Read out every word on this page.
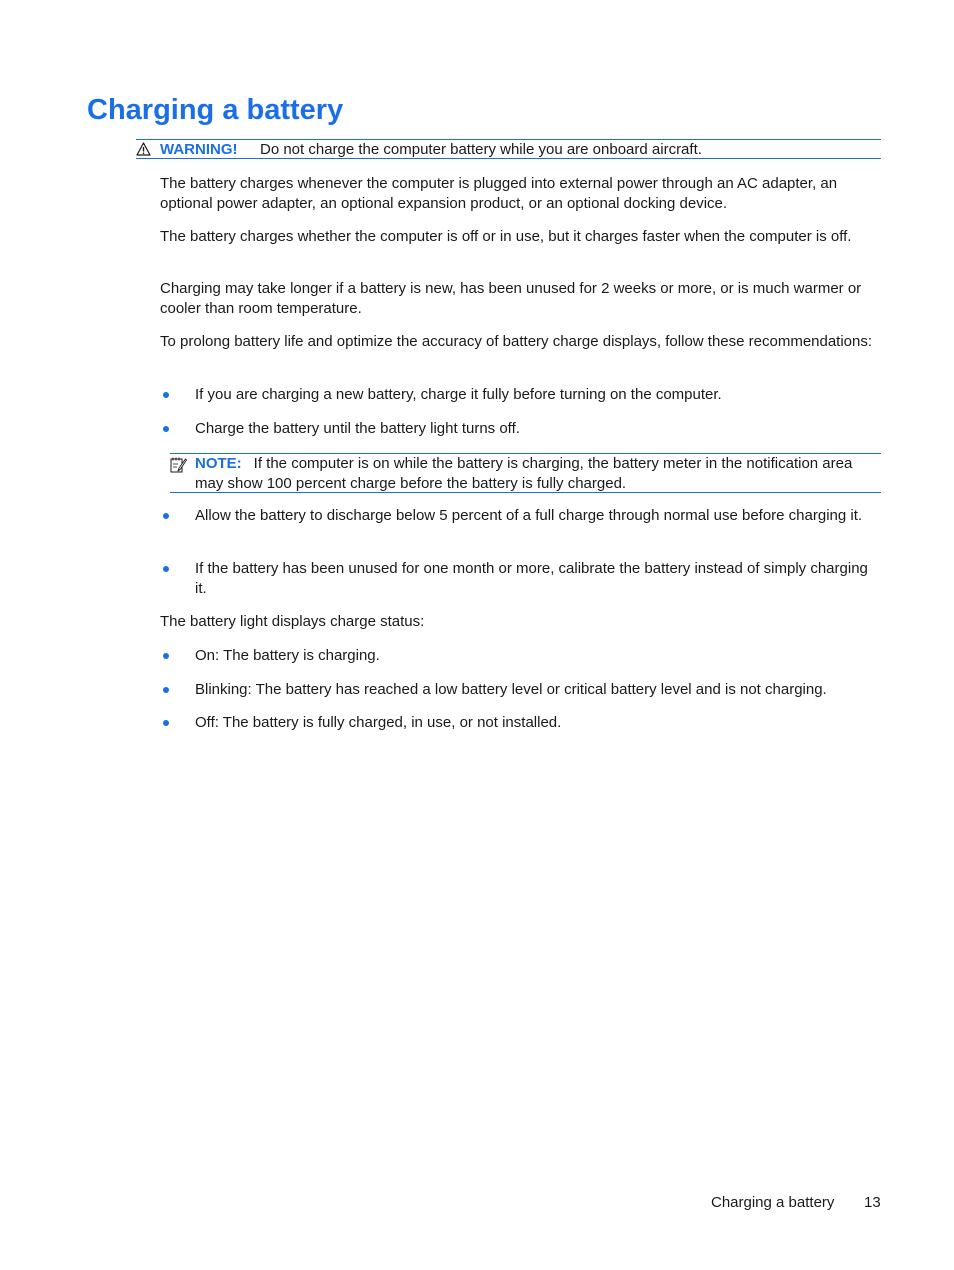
Charging a battery
WARNING! Do not charge the computer battery while you are onboard aircraft.

The battery charges whenever the computer is plugged into external power through an AC adapter, an optional power adapter, an optional expansion product, or an optional docking device.

The battery charges whether the computer is off or in use, but it charges faster when the computer is off.

Charging may take longer if a battery is new, has been unused for 2 weeks or more, or is much warmer or cooler than room temperature.

To prolong battery life and optimize the accuracy of battery charge displays, follow these recommendations:

If you are charging a new battery, charge it fully before turning on the computer.
Charge the battery until the battery light turns off.
NOTE: If the computer is on while the battery is charging, the battery meter in the notification area may show 100 percent charge before the battery is fully charged.
Allow the battery to discharge below 5 percent of a full charge through normal use before charging it.
If the battery has been unused for one month or more, calibrate the battery instead of simply charging it.

The battery light displays charge status:

On: The battery is charging.
Blinking: The battery has reached a low battery level or critical battery level and is not charging.
Off: The battery is fully charged, in use, or not installed.
Charging a battery 13
